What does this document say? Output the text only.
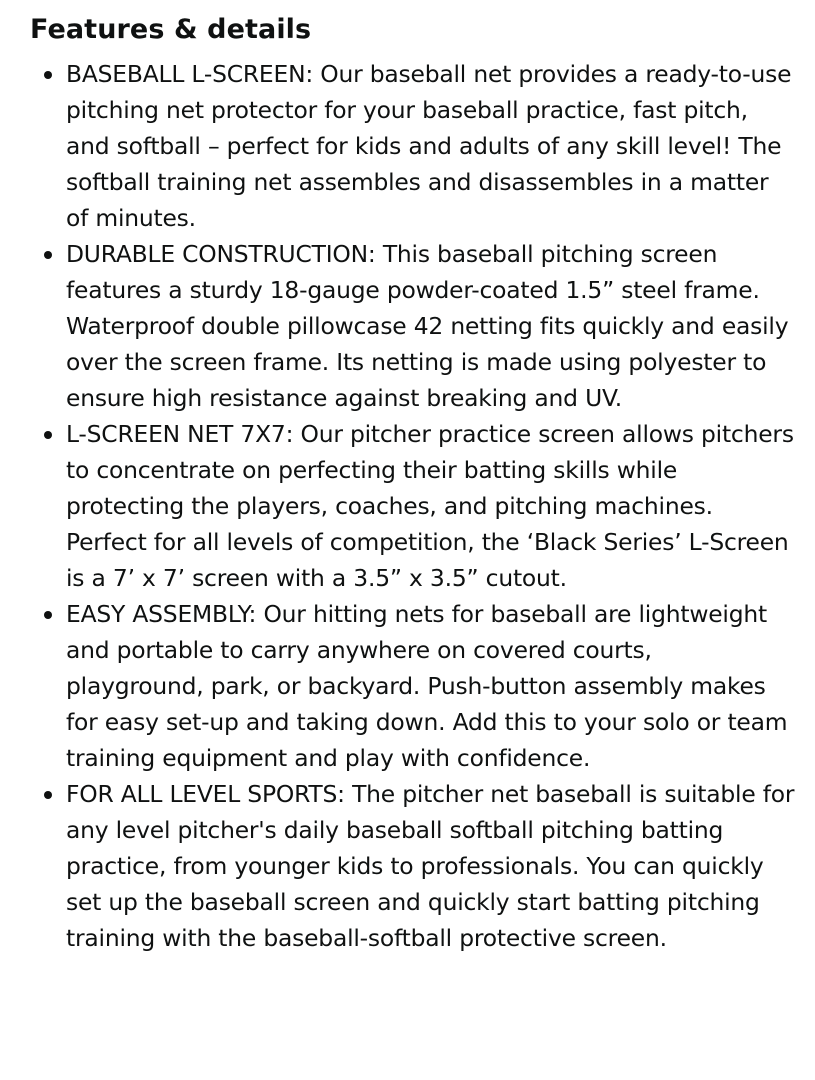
Features & details
BASEBALL L-SCREEN: Our baseball net provides a ready-to-use pitching net protector for your baseball practice, fast pitch, and softball – perfect for kids and adults of any skill level! The softball training net assembles and disassembles in a matter of minutes.
DURABLE CONSTRUCTION: This baseball pitching screen features a sturdy 18-gauge powder-coated 1.5” steel frame. Waterproof double pillowcase 42 netting fits quickly and easily over the screen frame. Its netting is made using polyester to ensure high resistance against breaking and UV.
L-SCREEN NET 7X7: Our pitcher practice screen allows pitchers to concentrate on perfecting their batting skills while protecting the players, coaches, and pitching machines. Perfect for all levels of competition, the ‘Black Series’ L-Screen is a 7’ x 7’ screen with a 3.5” x 3.5” cutout.
EASY ASSEMBLY: Our hitting nets for baseball are lightweight and portable to carry anywhere on covered courts, playground, park, or backyard. Push-button assembly makes for easy set-up and taking down. Add this to your solo or team training equipment and play with confidence.
FOR ALL LEVEL SPORTS: The pitcher net baseball is suitable for any level pitcher's daily baseball softball pitching batting practice, from younger kids to professionals. You can quickly set up the baseball screen and quickly start batting pitching training with the baseball-softball protective screen.
